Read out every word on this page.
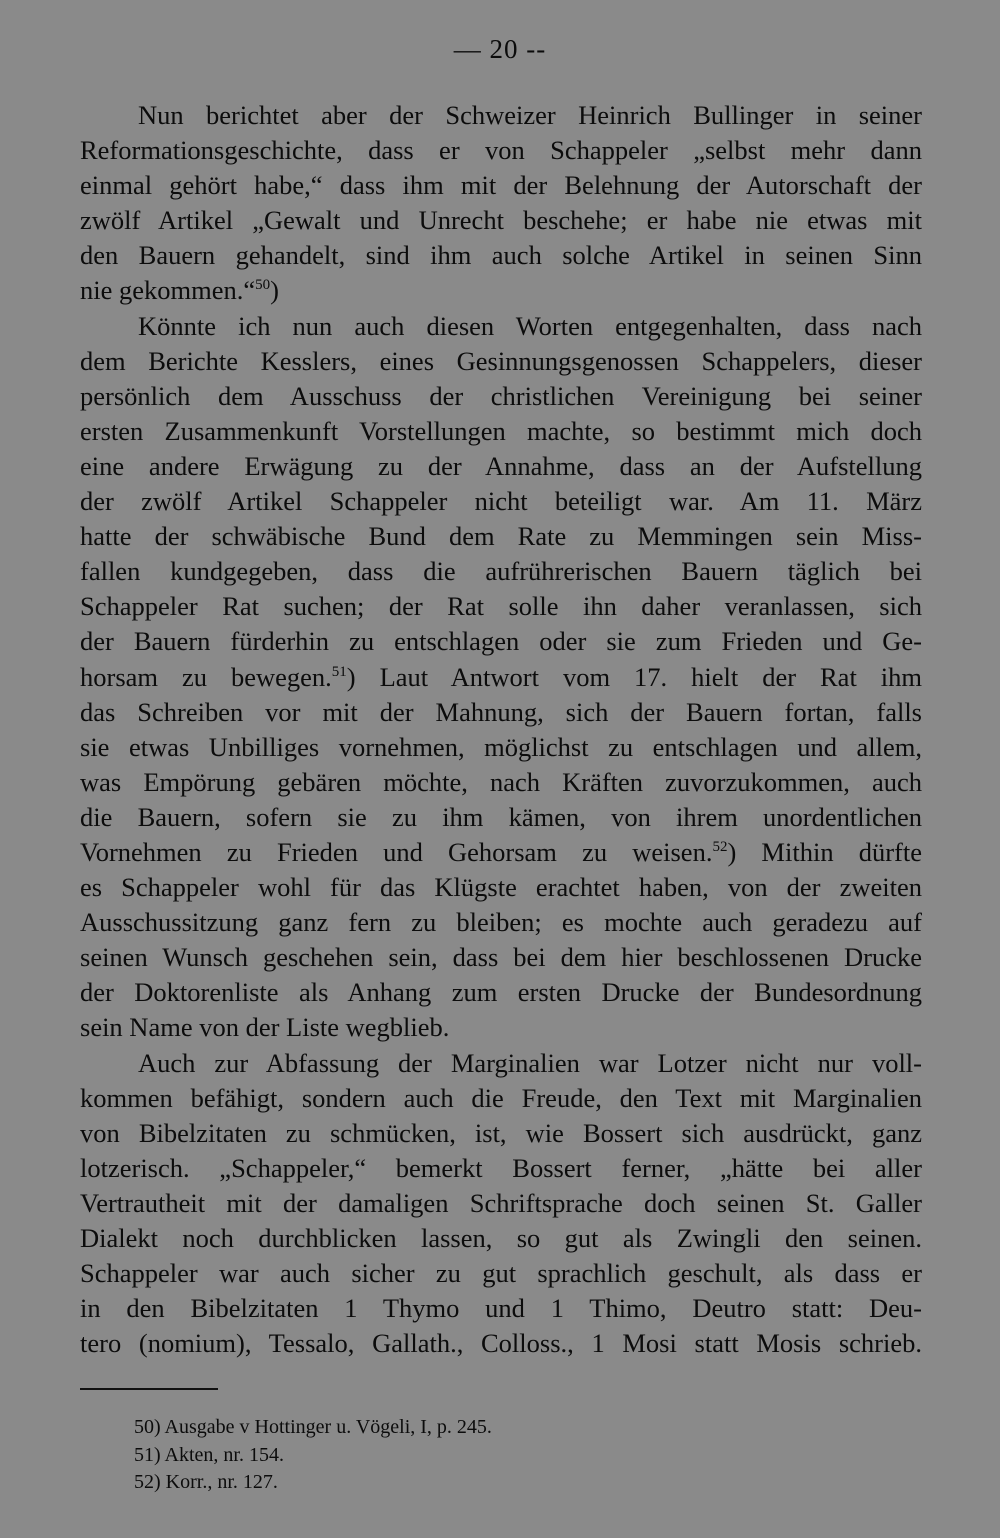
— 20 --
Nun berichtet aber der Schweizer Heinrich Bullinger in seiner
Reformationsgeschichte, dass er von Schappeler „selbst mehr dann
einmal gehört habe,“ dass ihm mit der Belehnung der Autorschaft der
zwölf Artikel „Gewalt und Unrecht beschehe; er habe nie etwas mit
den Bauern gehandelt, sind ihm auch solche Artikel in seinen Sinn
nie gekommen.“$^{50}$)
Könnte ich nun auch diesen Worten entgegenhalten, dass nach
dem Berichte Kesslers, eines Gesinnungsgenossen Schappelers, dieser
persönlich dem Ausschuss der christlichen Vereinigung bei seiner
ersten Zusammenkunft Vorstellungen machte, so bestimmt mich doch
eine andere Erwägung zu der Annahme, dass an der Aufstellung
der zwölf Artikel Schappeler nicht beteiligt war. Am 11. März
hatte der schwäbische Bund dem Rate zu Memmingen sein Miss-
fallen kundgegeben, dass die aufrührerischen Bauern täglich bei
Schappeler Rat suchen; der Rat solle ihn daher veranlassen, sich
der Bauern fürderhin zu entschlagen oder sie zum Frieden und Ge-
horsam zu bewegen.$^{51}$) Laut Antwort vom 17. hielt der Rat ihm
das Schreiben vor mit der Mahnung, sich der Bauern fortan, falls
sie etwas Unbilliges vornehmen, möglichst zu entschlagen und allem,
was Empörung gebären möchte, nach Kräften zuvorzukommen, auch
die Bauern, sofern sie zu ihm kämen, von ihrem unordentlichen
Vornehmen zu Frieden und Gehorsam zu weisen.$^{52}$) Mithin dürfte
es Schappeler wohl für das Klügste erachtet haben, von der zweiten
Ausschussitzung ganz fern zu bleiben; es mochte auch geradezu auf
seinen Wunsch geschehen sein, dass bei dem hier beschlossenen Drucke
der Doktorenliste als Anhang zum ersten Drucke der Bundesordnung
sein Name von der Liste wegblieb.
Auch zur Abfassung der Marginalien war Lotzer nicht nur voll-
kommen befähigt, sondern auch die Freude, den Text mit Marginalien
von Bibelzitaten zu schmücken, ist, wie Bossert sich ausdrückt, ganz
lotzerisch. „Schappeler,“ bemerkt Bossert ferner, „hätte bei aller
Vertrautheit mit der damaligen Schriftsprache doch seinen St. Galler
Dialekt noch durchblicken lassen, so gut als Zwingli den seinen.
Schappeler war auch sicher zu gut sprachlich geschult, als dass er
in den Bibelzitaten 1 Thymo und 1 Thimo, Deutro statt: Deu-
tero (nomium), Tessalo, Gallath., Colloss., 1 Mosi statt Mosis schrieb.
50) Ausgabe v Hottinger u. Vögeli, I, p. 245.
51) Akten, nr. 154.
52) Korr., nr. 127.
